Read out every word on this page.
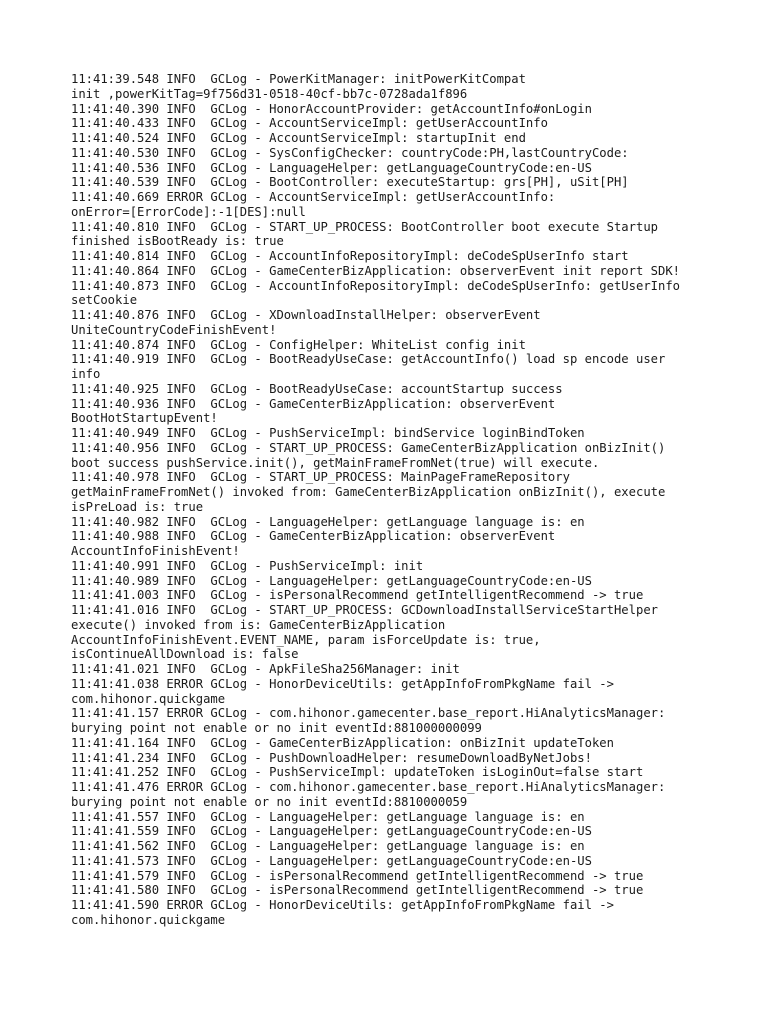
11:41:39.548 INFO  GCLog - PowerKitManager: initPowerKitCompat
init ,powerKitTag=9f756d31-0518-40cf-bb7c-0728ada1f896
11:41:40.390 INFO  GCLog - HonorAccountProvider: getAccountInfo#onLogin
11:41:40.433 INFO  GCLog - AccountServiceImpl: getUserAccountInfo
11:41:40.524 INFO  GCLog - AccountServiceImpl: startupInit end
11:41:40.530 INFO  GCLog - SysConfigChecker: countryCode:PH,lastCountryCode:
11:41:40.536 INFO  GCLog - LanguageHelper: getLanguageCountryCode:en-US
11:41:40.539 INFO  GCLog - BootController: executeStartup: grs[PH], uSit[PH]
11:41:40.669 ERROR GCLog - AccountServiceImpl: getUserAccountInfo:
onError=[ErrorCode]:-1[DES]:null
11:41:40.810 INFO  GCLog - START_UP_PROCESS: BootController boot execute Startup
finished isBootReady is: true
11:41:40.814 INFO  GCLog - AccountInfoRepositoryImpl: deCodeSpUserInfo start
11:41:40.864 INFO  GCLog - GameCenterBizApplication: observerEvent init report SDK!
11:41:40.873 INFO  GCLog - AccountInfoRepositoryImpl: deCodeSpUserInfo: getUserInfo
setCookie
11:41:40.876 INFO  GCLog - XDownloadInstallHelper: observerEvent
UniteCountryCodeFinishEvent!
11:41:40.874 INFO  GCLog - ConfigHelper: WhiteList config init
11:41:40.919 INFO  GCLog - BootReadyUseCase: getAccountInfo() load sp encode user
info
11:41:40.925 INFO  GCLog - BootReadyUseCase: accountStartup success
11:41:40.936 INFO  GCLog - GameCenterBizApplication: observerEvent
BootHotStartupEvent!
11:41:40.949 INFO  GCLog - PushServiceImpl: bindService loginBindToken
11:41:40.956 INFO  GCLog - START_UP_PROCESS: GameCenterBizApplication onBizInit()
boot success pushService.init(), getMainFrameFromNet(true) will execute.
11:41:40.978 INFO  GCLog - START_UP_PROCESS: MainPageFrameRepository
getMainFrameFromNet() invoked from: GameCenterBizApplication onBizInit(), execute
isPreLoad is: true
11:41:40.982 INFO  GCLog - LanguageHelper: getLanguage language is: en
11:41:40.988 INFO  GCLog - GameCenterBizApplication: observerEvent
AccountInfoFinishEvent!
11:41:40.991 INFO  GCLog - PushServiceImpl: init
11:41:40.989 INFO  GCLog - LanguageHelper: getLanguageCountryCode:en-US
11:41:41.003 INFO  GCLog - isPersonalRecommend getIntelligentRecommend -> true
11:41:41.016 INFO  GCLog - START_UP_PROCESS: GCDownloadInstallServiceStartHelper
execute() invoked from is: GameCenterBizApplication
AccountInfoFinishEvent.EVENT_NAME, param isForceUpdate is: true,
isContinueAllDownload is: false
11:41:41.021 INFO  GCLog - ApkFileSha256Manager: init
11:41:41.038 ERROR GCLog - HonorDeviceUtils: getAppInfoFromPkgName fail ->
com.hihonor.quickgame
11:41:41.157 ERROR GCLog - com.hihonor.gamecenter.base_report.HiAnalyticsManager:
burying point not enable or no init eventId:881000000099
11:41:41.164 INFO  GCLog - GameCenterBizApplication: onBizInit updateToken
11:41:41.234 INFO  GCLog - PushDownloadHelper: resumeDownloadByNetJobs!
11:41:41.252 INFO  GCLog - PushServiceImpl: updateToken isLoginOut=false start
11:41:41.476 ERROR GCLog - com.hihonor.gamecenter.base_report.HiAnalyticsManager:
burying point not enable or no init eventId:8810000059
11:41:41.557 INFO  GCLog - LanguageHelper: getLanguage language is: en
11:41:41.559 INFO  GCLog - LanguageHelper: getLanguageCountryCode:en-US
11:41:41.562 INFO  GCLog - LanguageHelper: getLanguage language is: en
11:41:41.573 INFO  GCLog - LanguageHelper: getLanguageCountryCode:en-US
11:41:41.579 INFO  GCLog - isPersonalRecommend getIntelligentRecommend -> true
11:41:41.580 INFO  GCLog - isPersonalRecommend getIntelligentRecommend -> true
11:41:41.590 ERROR GCLog - HonorDeviceUtils: getAppInfoFromPkgName fail ->
com.hihonor.quickgame
